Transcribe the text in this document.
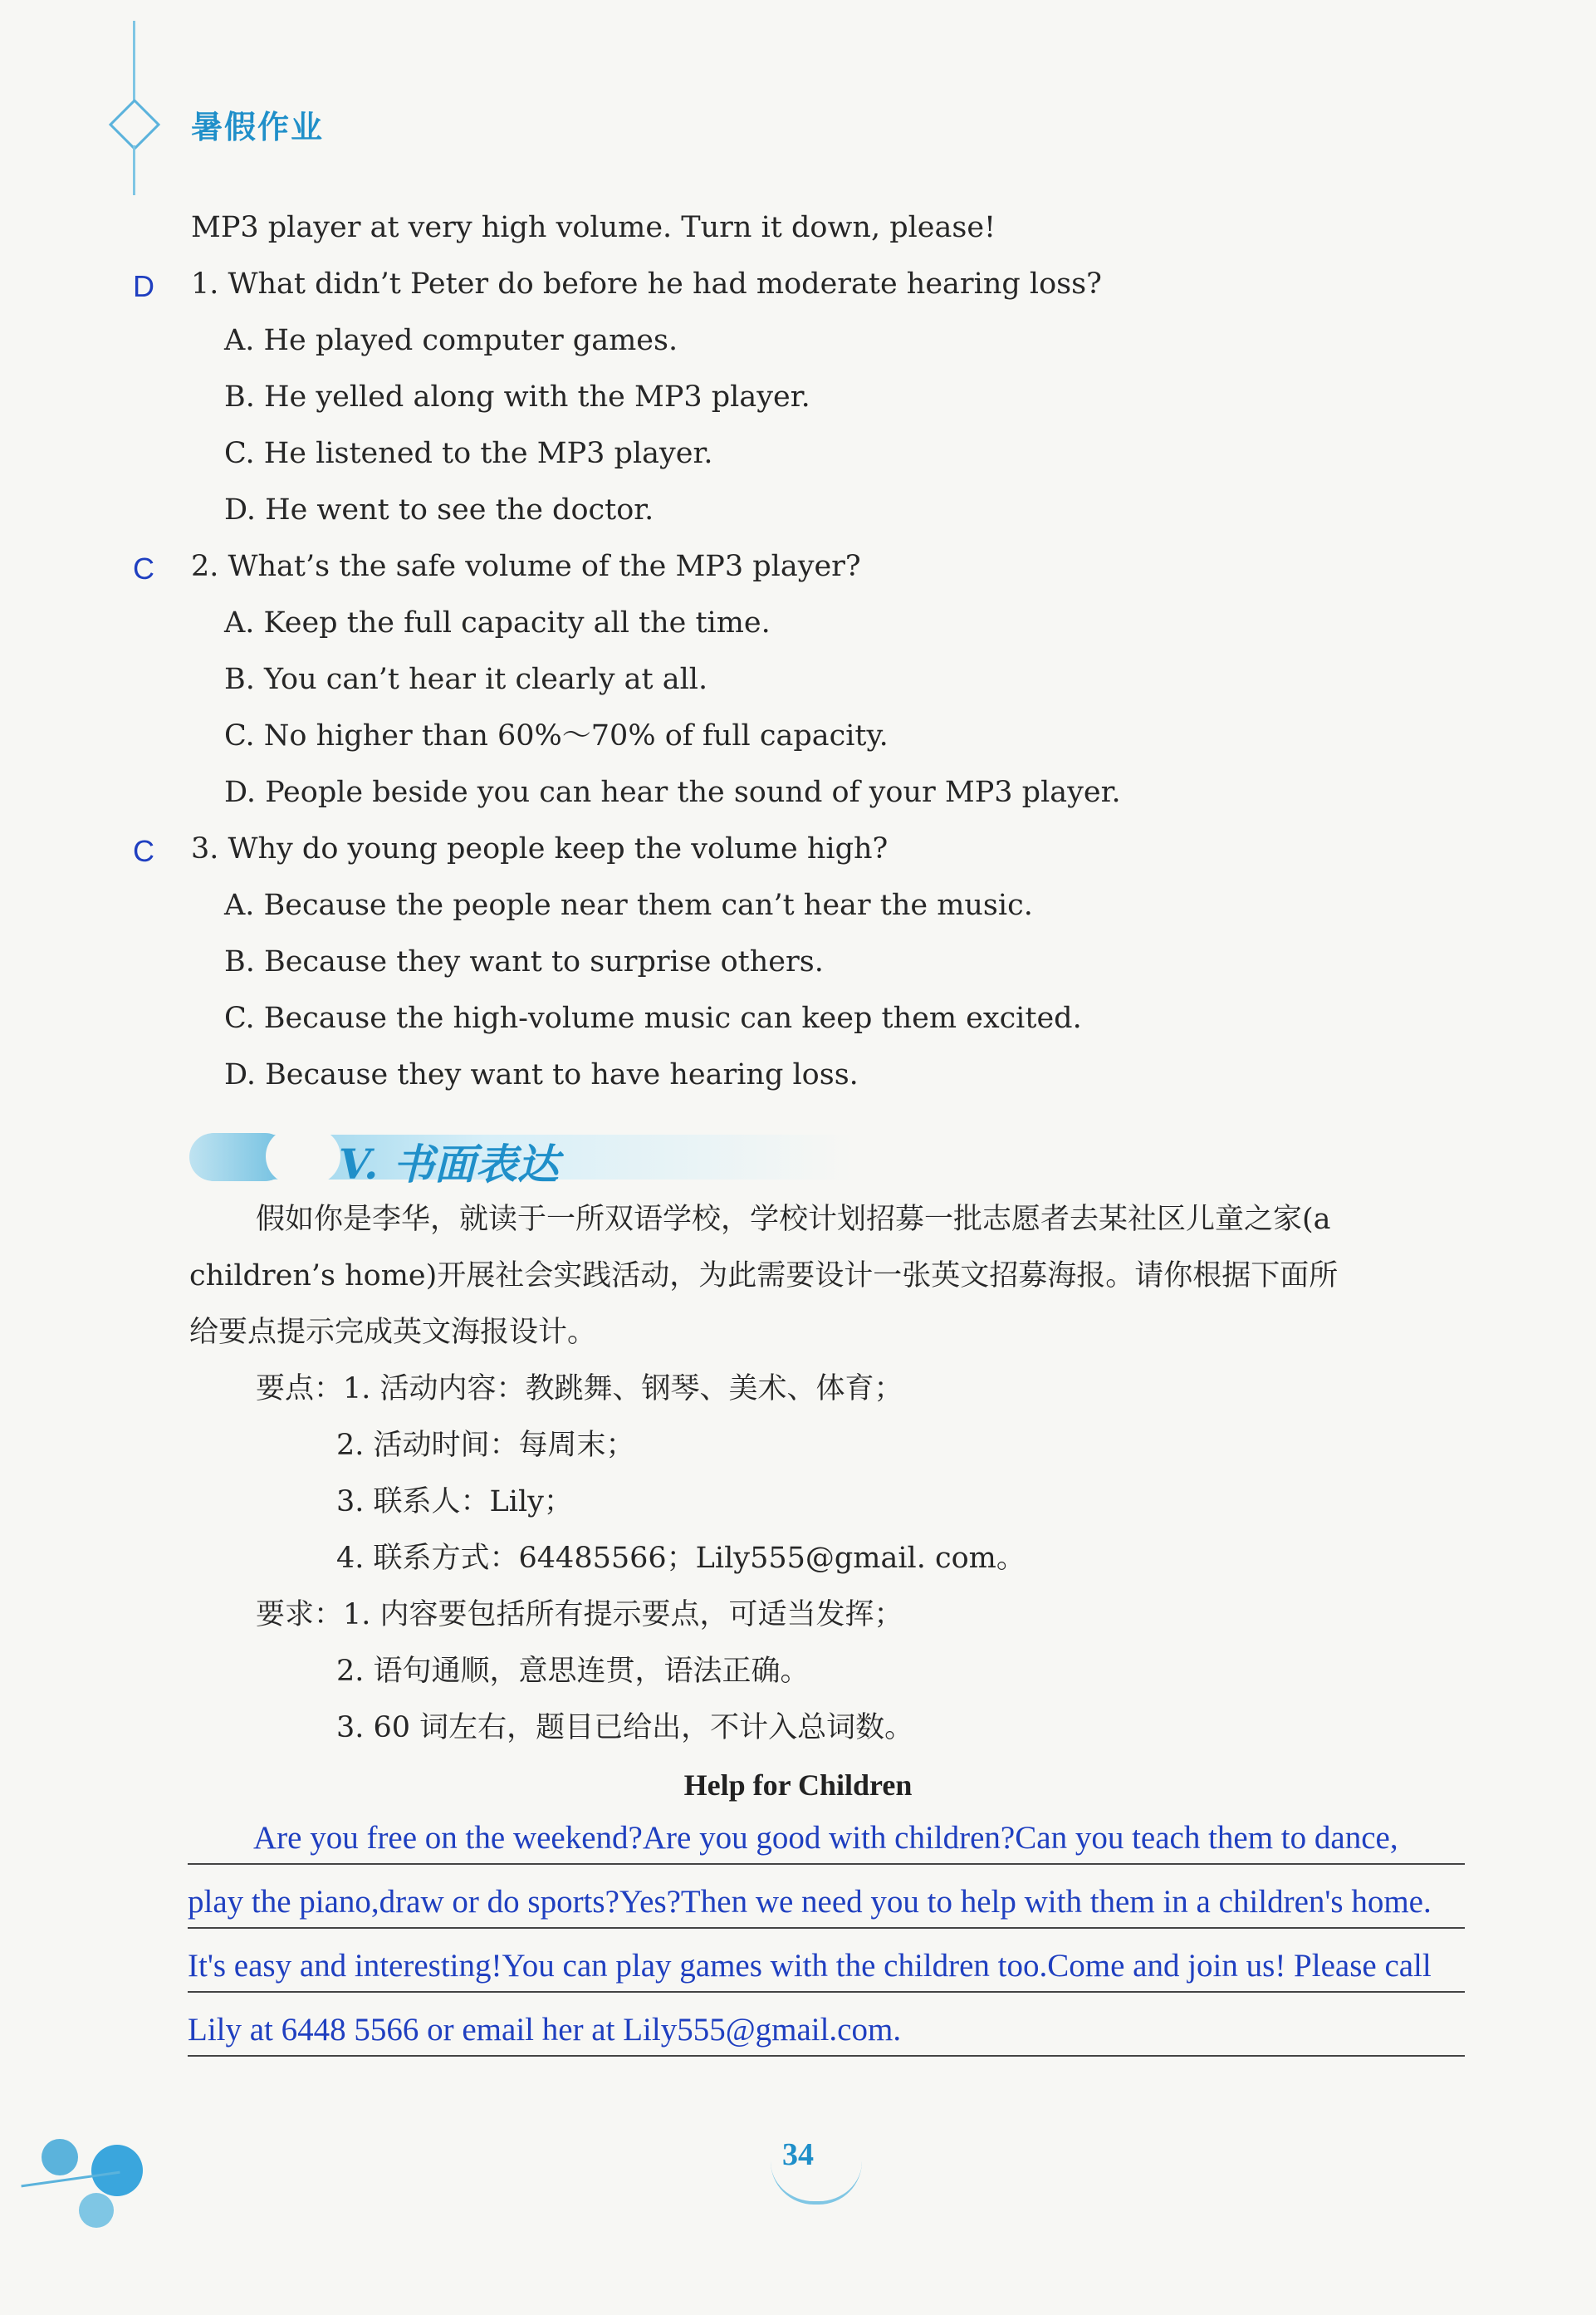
暑假作业
MP3 player at very high volume. Turn it down, please!
D 1. What didn’t Peter do before he had moderate hearing loss?
A. He played computer games.
B. He yelled along with the MP3 player.
C. He listened to the MP3 player.
D. He went to see the doctor.
C 2. What’s the safe volume of the MP3 player?
A. Keep the full capacity all the time.
B. You can’t hear it clearly at all.
C. No higher than 60%～70% of full capacity.
D. People beside you can hear the sound of your MP3 player.
C 3. Why do young people keep the volume high?
A. Because the people near them can’t hear the music.
B. Because they want to surprise others.
C. Because the high-volume music can keep them excited.
D. Because they want to have hearing loss.
V. 书面表达
假如你是李华，就读于一所双语学校，学校计划招募一批志愿者去某社区儿童之家(a
children’s home)开展社会实践活动，为此需要设计一张英文招募海报。请你根据下面所
给要点提示完成英文海报设计。
要点：1. 活动内容：教跳舞、钢琴、美术、体育；
2. 活动时间：每周末；
3. 联系人：Lily；
4. 联系方式：64485566；Lily555@gmail. com。
要求：1. 内容要包括所有提示要点，可适当发挥；
2. 语句通顺，意思连贯，语法正确。
3. 60 词左右，题目已给出，不计入总词数。
Help for Children
Are you free on the weekend?Are you good with children?Can you teach them to dance,
play the piano,draw or do sports?Yes?Then we need you to help with them in a children's home.
It's easy and interesting!You can play games with the children too.Come and join us! Please call
Lily at 6448 5566 or email her at Lily555@gmail.com.
34
